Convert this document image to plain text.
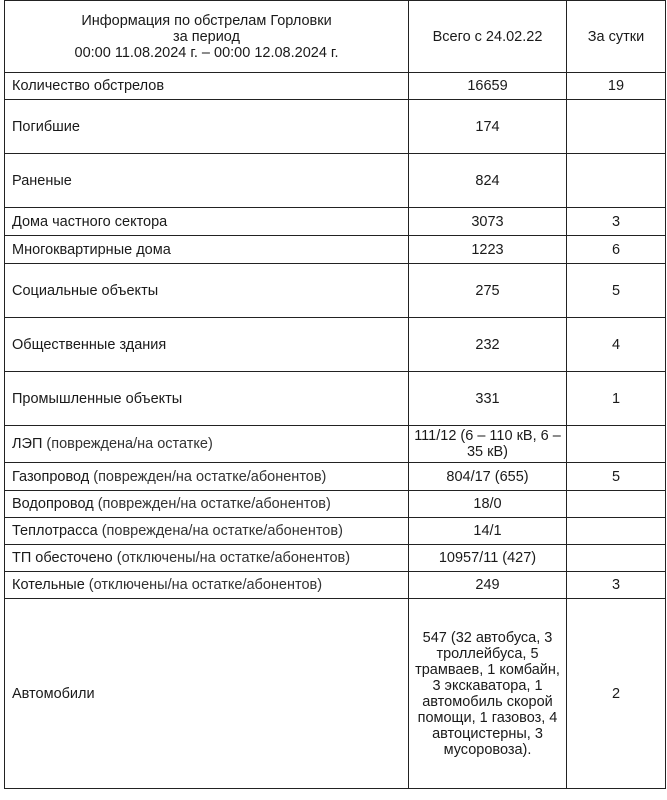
Информация по обстрелам Горловки
за период
00:00 11.08.2024 г. – 00:00 12.08.2024 г.	Всего с 24.02.22	За сутки
Количество обстрелов	16659	19
Погибшие	174	
Раненые	824	
Дома частного сектора	3073	3
Многоквартирные дома	1223	6
Социальные объекты	275	5
Общественные здания	232	4
Промышленные объекты	331	1
ЛЭП (повреждена/на остатке)	111/12 (6 – 110 кВ, 6 – 35 кВ)	
Газопровод (поврежден/на остатке/абонентов)	804/17 (655)	5
Водопровод (поврежден/на остатке/абонентов)	18/0	
Теплотрасса (повреждена/на остатке/абонентов)	14/1	
ТП обесточено (отключены/на остатке/абонентов)	10957/11 (427)	
Котельные (отключены/на остатке/абонентов)	249	3
Автомобили	547 (32 автобуса, 3 троллейбуса, 5 трамваев, 1 комбайн, 3 экскаватора, 1 автомобиль скорой помощи, 1 газовоз, 4 автоцистерны, 3 мусоровоза).	2
